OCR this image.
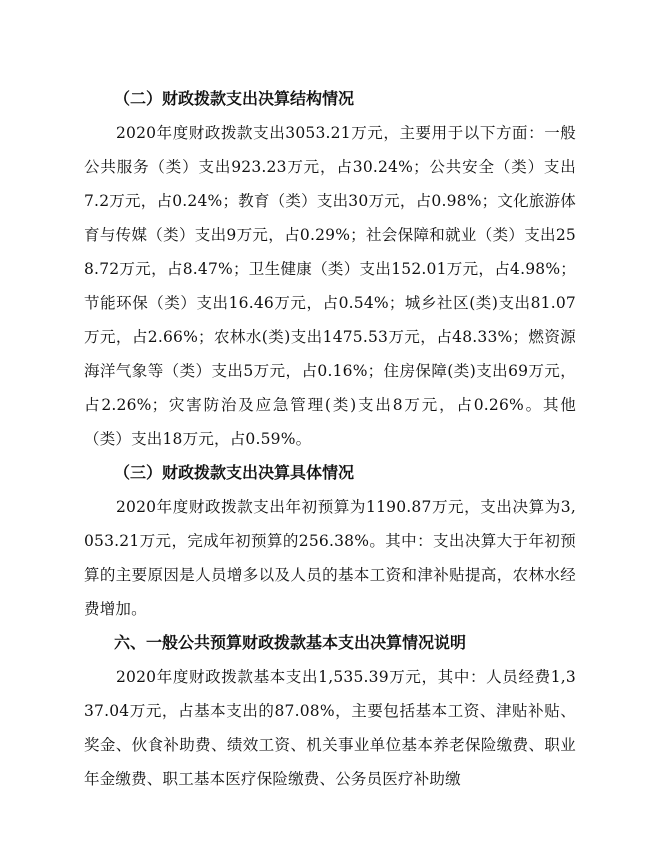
（二）财政拨款支出决算结构情况

2020年度财政拨款支出3053.21万元，主要用于以下方面：一般公共服务（类）支出923.23万元，占30.24%；公共安全（类）支出7.2万元，占0.24%；教育（类）支出30万元，占0.98%；文化旅游体育与传媒（类）支出9万元，占0.29%；社会保障和就业（类）支出258.72万元，占8.47%；卫生健康（类）支出152.01万元，占4.98%；节能环保（类）支出16.46万元，占0.54%；城乡社区(类)支出81.07万元，占2.66%；农林水(类)支出1475.53万元，占48.33%；燃资源海洋气象等（类）支出5万元，占0.16%；住房保障(类)支出69万元，占2.26%；灾害防治及应急管理(类)支出8万元，占0.26%。其他（类）支出18万元，占0.59%。

（三）财政拨款支出决算具体情况

2020年度财政拨款支出年初预算为1190.87万元，支出决算为3,053.21万元，完成年初预算的256.38%。其中：支出决算大于年初预算的主要原因是人员增多以及人员的基本工资和津补贴提高，农林水经费增加。

六、一般公共预算财政拨款基本支出决算情况说明

2020年度财政拨款基本支出1,535.39万元，其中：人员经费1,337.04万元，占基本支出的87.08%，主要包括基本工资、津贴补贴、奖金、伙食补助费、绩效工资、机关事业单位基本养老保险缴费、职业年金缴费、职工基本医疗保险缴费、公务员医疗补助缴
